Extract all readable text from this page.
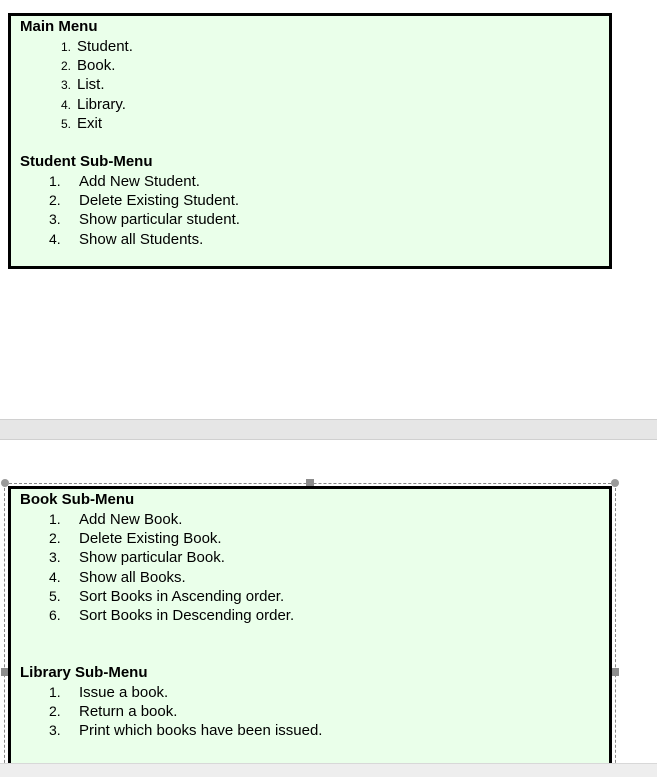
Main Menu
1. Student.
2. Book.
3. List.
4. Library.
5. Exit
Student Sub-Menu
1.	Add New Student.
2.	Delete Existing Student.
3.	Show particular student.
4.	Show all Students.
Book Sub-Menu
1.	Add New Book.
2.	Delete Existing Book.
3.	Show particular Book.
4.	Show all Books.
5.	Sort Books in Ascending order.
6.	Sort Books in Descending order.
Library Sub-Menu
1.	Issue a book.
2.	Return a book.
3.	Print which books have been issued.
